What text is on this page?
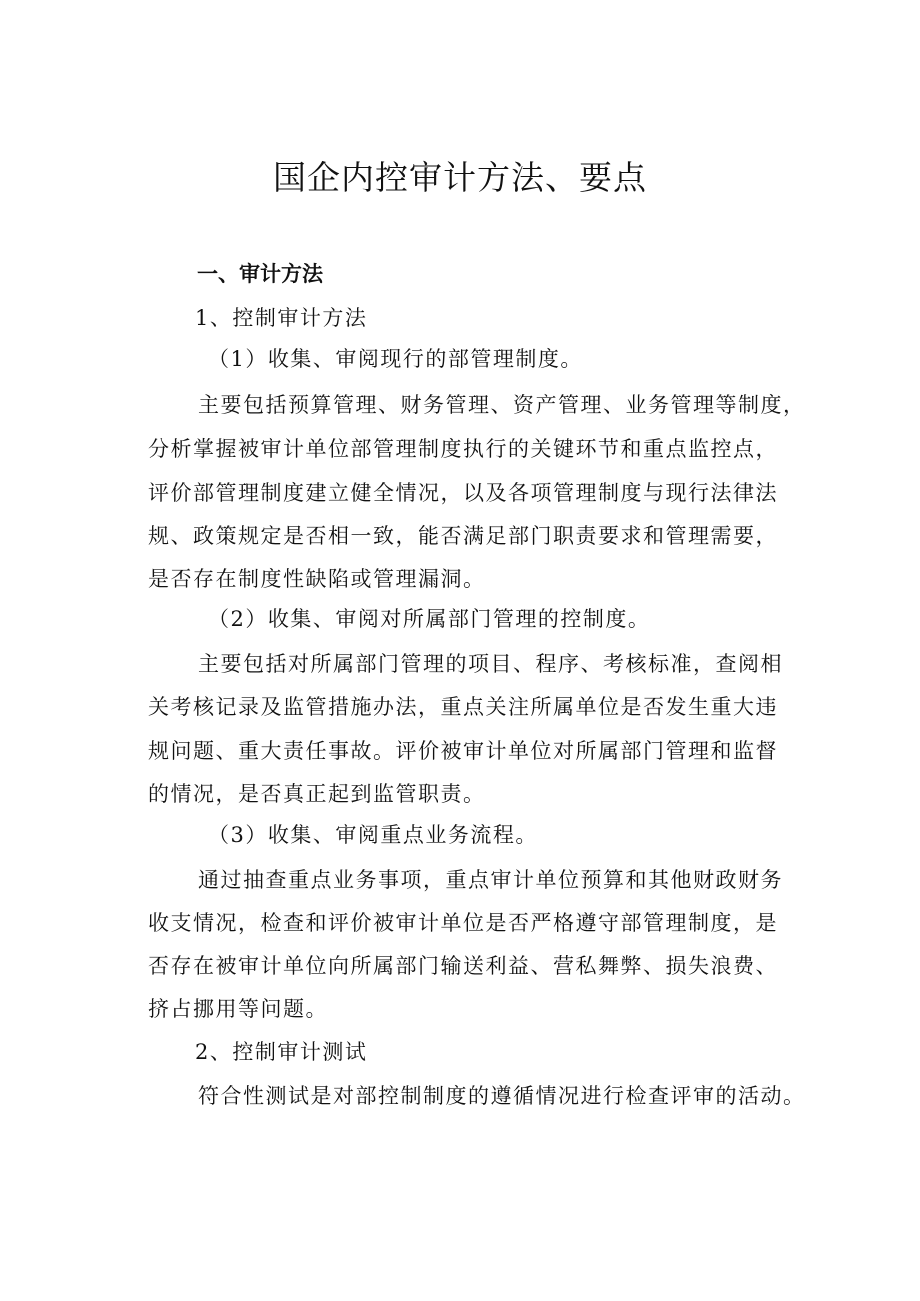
国企内控审计方法、要点
一、审计方法
1、控制审计方法
（1）收集、审阅现行的部管理制度。
主要包括预算管理、财务管理、资产管理、业务管理等制度，
分析掌握被审计单位部管理制度执行的关键环节和重点监控点，
评价部管理制度建立健全情况，以及各项管理制度与现行法律法
规、政策规定是否相一致，能否满足部门职责要求和管理需要，
是否存在制度性缺陷或管理漏洞。
（2）收集、审阅对所属部门管理的控制度。
主要包括对所属部门管理的项目、程序、考核标准，查阅相
关考核记录及监管措施办法，重点关注所属单位是否发生重大违
规问题、重大责任事故。评价被审计单位对所属部门管理和监督
的情况，是否真正起到监管职责。
（3）收集、审阅重点业务流程。
通过抽查重点业务事项，重点审计单位预算和其他财政财务
收支情况，检查和评价被审计单位是否严格遵守部管理制度，是
否存在被审计单位向所属部门输送利益、营私舞弊、损失浪费、
挤占挪用等问题。
2、控制审计测试
符合性测试是对部控制制度的遵循情况进行检查评审的活动。
